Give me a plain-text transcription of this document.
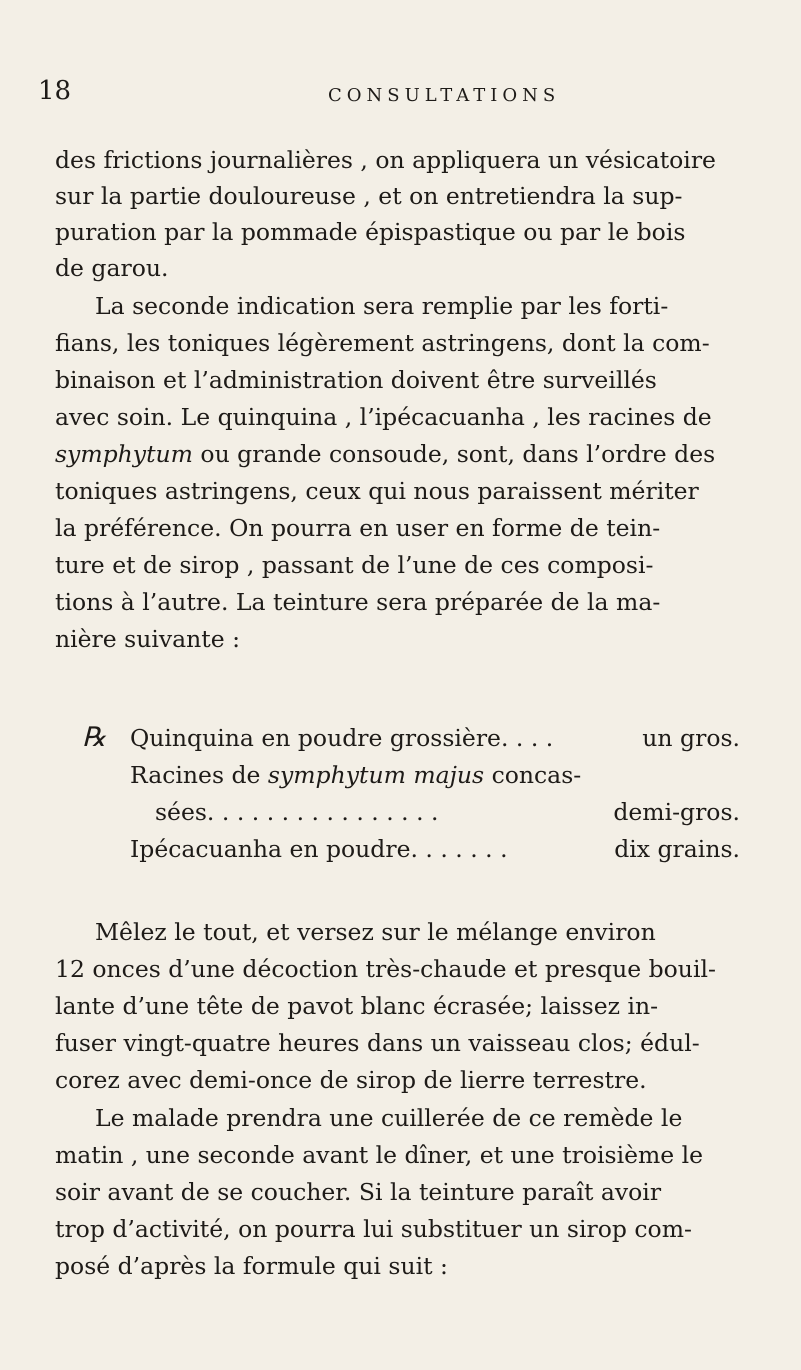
18	CONSULTATIONS
des frictions journalières , on appliquera un vésicatoire
sur la partie douloureuse , et on entretiendra la sup-
puration par la pommade épispastique ou par le bois
de garou.
La seconde indication sera remplie par les forti-
fians, les toniques légèrement astringens, dont la com-
binaison et l’administration doivent être surveillés
avec soin. Le quinquina , l’ipécacuanha , les racines de
symphytum ou grande consoude, sont, dans l’ordre des
toniques astringens, ceux qui nous paraissent mériter
la préférence. On pourra en user en forme de tein-
ture et de sirop , passant de l’une de ces composi-
tions à l’autre. La teinture sera préparée de la ma-
nière suivante :
℞ Quinquina en poudre grossière. . . .	un gros.
Racines de symphytum majus concas-
sées. . . . . . . . . . . . . . . .	demi-gros.
Ipécacuanha en poudre. . . . . . .	dix grains.
Mêlez le tout, et versez sur le mélange environ
12 onces d’une décoction très-chaude et presque bouil-
lante d’une tête de pavot blanc écrasée; laissez in-
fuser vingt-quatre heures dans un vaisseau clos; édul-
corez avec demi-once de sirop de lierre terrestre.
Le malade prendra une cuillerée de ce remède le
matin , une seconde avant le dîner, et une troisième le
soir avant de se coucher. Si la teinture paraît avoir
trop d’activité, on pourra lui substituer un sirop com-
posé d’après la formule qui suit :
